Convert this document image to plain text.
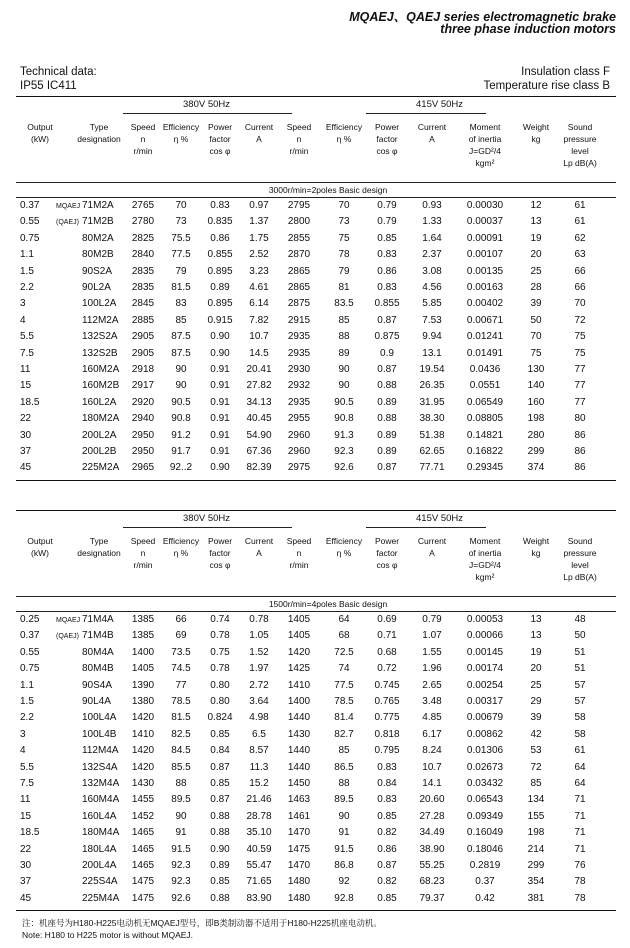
MQAEJ、QAEJ series electromagnetic brake
three phase induction motors
Technical data:
IP55 IC411
Insulation class F
Temperature rise class B
380V 50Hz	415V 50Hz
Output
(kW)
Type
designation
Speed
n
r/min
Efficiency
η %
Power
factor
cos φ
Current
A
Speed
n
r/min
Efficiency
η %
Power
factor
cos φ
Current
A
Moment
of inertia
J=GD²/4
kgm²
Weight
kg
Sound
pressure
level
Lp dB(A)
3000r/min=2poles Basic design
MQAEJ
0.37	71M2A 2765 70 0.83 0.97 2795	70	0.79	0.93	0.00030	12	61
(QAEJ)
0.55	71M2B 2780 73 0.835 1.37 2800	73	0.79	1.33	0.00037	13	61
0.75	80M2A 2825 75.5 0.86 1.75 2855	75	0.85	1.64	0.00091	19	62
1.1	80M2B 2840 77.5 0.855 2.52 2870	78	0.83	2.37	0.00107	20	63
1.5	90S2A 2835 79 0.895 3.23 2865	79	0.86	3.08	0.00135	25	66
2.2	90L2A 2835 81.5 0.89 4.61 2865	81	0.83	4.56	0.00163	28	66
3	100L2A 2845 83 0.895 6.14 2875 83.5 0.855 5.85	0.00402	39	70
4	112M2A 2885 85 0.915 7.82 2915	85	0.87	7.53	0.00671	50	72
5.5	132S2A 2905 87.5 0.90 10.7 2935	88 0.875 9.94	0.01241	70	75
7.5	132S2B 2905 87.5 0.90 14.5 2935	89	0.9	13.1	0.01491	75	75
11	160M2A 2918 90 0.91 20.41 2930	90	0.87 19.54	0.0436	130	77
15	160M2B 2917 90 0.91 27.82 2932	90	0.88 26.35	0.0551	140	77
18.5	160L2A 2920 90.5 0.91 34.13 2935 90.5 0.89 31.95 0.06549 160	77
22	180M2A 2940 90.8 0.91 40.45 2955 90.8 0.88 38.30 0.08805 198	80
30	200L2A 2950 91.2 0.91 54.90 2960 91.3 0.89 51.38 0.14821 280	86
37	200L2B 2950 91.7 0.91 67.36 2960 92.3 0.89 62.65 0.16822 299	86
45	225M2A 2965 92..2 0.90 82.39 2975 92.6 0.87 77.71 0.29345 374	86
380V 50Hz	415V 50Hz
Output
(kW)
Type
designation
Speed
n
r/min
Efficiency
η %
Power
factor
cos φ
Current
A
Speed
n
r/min
Efficiency
η %
Power
factor
cos φ
Current
A
Moment
of inertia
J=GD²/4
kgm²
Weight
kg
Sound
pressure
level
Lp dB(A)
1500r/min=4poles Basic design
MQAEJ
0.25	71M4A 1385 66 0.74 0.78 1405	64	0.69	0.79	0.00053	13	48
(QAEJ)
0.37	71M4B 1385 69 0.78 1.05 1405	68	0.71	1.07	0.00066	13	50
0.55	80M4A 1400 73.5 0.75 1.52 1420 72.5 0.68	1.55	0.00145	19	51
0.75	80M4B 1405 74.5 0.78 1.97 1425	74	0.72	1.96	0.00174	20	51
1.1	90S4A 1390 77 0.80 2.72 1410 77.5 0.745 2.65	0.00254	25	57
1.5	90L4A 1380 78.5 0.80 3.64 1400 78.5 0.765 3.48	0.00317	29	57
2.2	100L4A 1420 81.5 0.824 4.98 1440 81.4 0.775 4.85	0.00679	39	58
3	100L4B 1410 82.5 0.85 6.5 1430 82.7 0.818 6.17	0.00862	42	58
4	112M4A 1420 84.5 0.84 8.57 1440	85 0.795 8.24	0.01306	53	61
5.5	132S4A 1420 85.5 0.87 11.3 1440 86.5 0.83	10.7	0.02673	72	64
7.5	132M4A 1430 88 0.85 15.2 1450	88	0.84	14.1	0.03432	85	64
11	160M4A 1455 89.5 0.87 21.46 1463 89.5 0.83 20.60 0.06543 134	71
15	160L4A 1452 90 0.88 28.78 1461	90	0.85 27.28 0.09349 155	71
18.5	180M4A 1465 91 0.88 35.10 1470	91	0.82 34.49 0.16049 198	71
22	180L4A 1465 91.5 0.90 40.59 1475 91.5 0.86 38.90 0.18046 214	71
30	200L4A 1465 92.3 0.89 55.47 1470 86.8 0.87 55.25	0.2819	299	76
37	225S4A 1475 92.3 0.85 71.65 1480	92	0.82 68.23	0.37	354	78
45	225M4A 1475 92.6 0.88 83.90 1480 92.8 0.85 79.37	0.42	381	78
注：机座号为H180-H225电动机无MQAEJ型号，即B类制动器不适用于H180-H225机座电动机。
Note: H180 to H225 motor is without MQAEJ.
